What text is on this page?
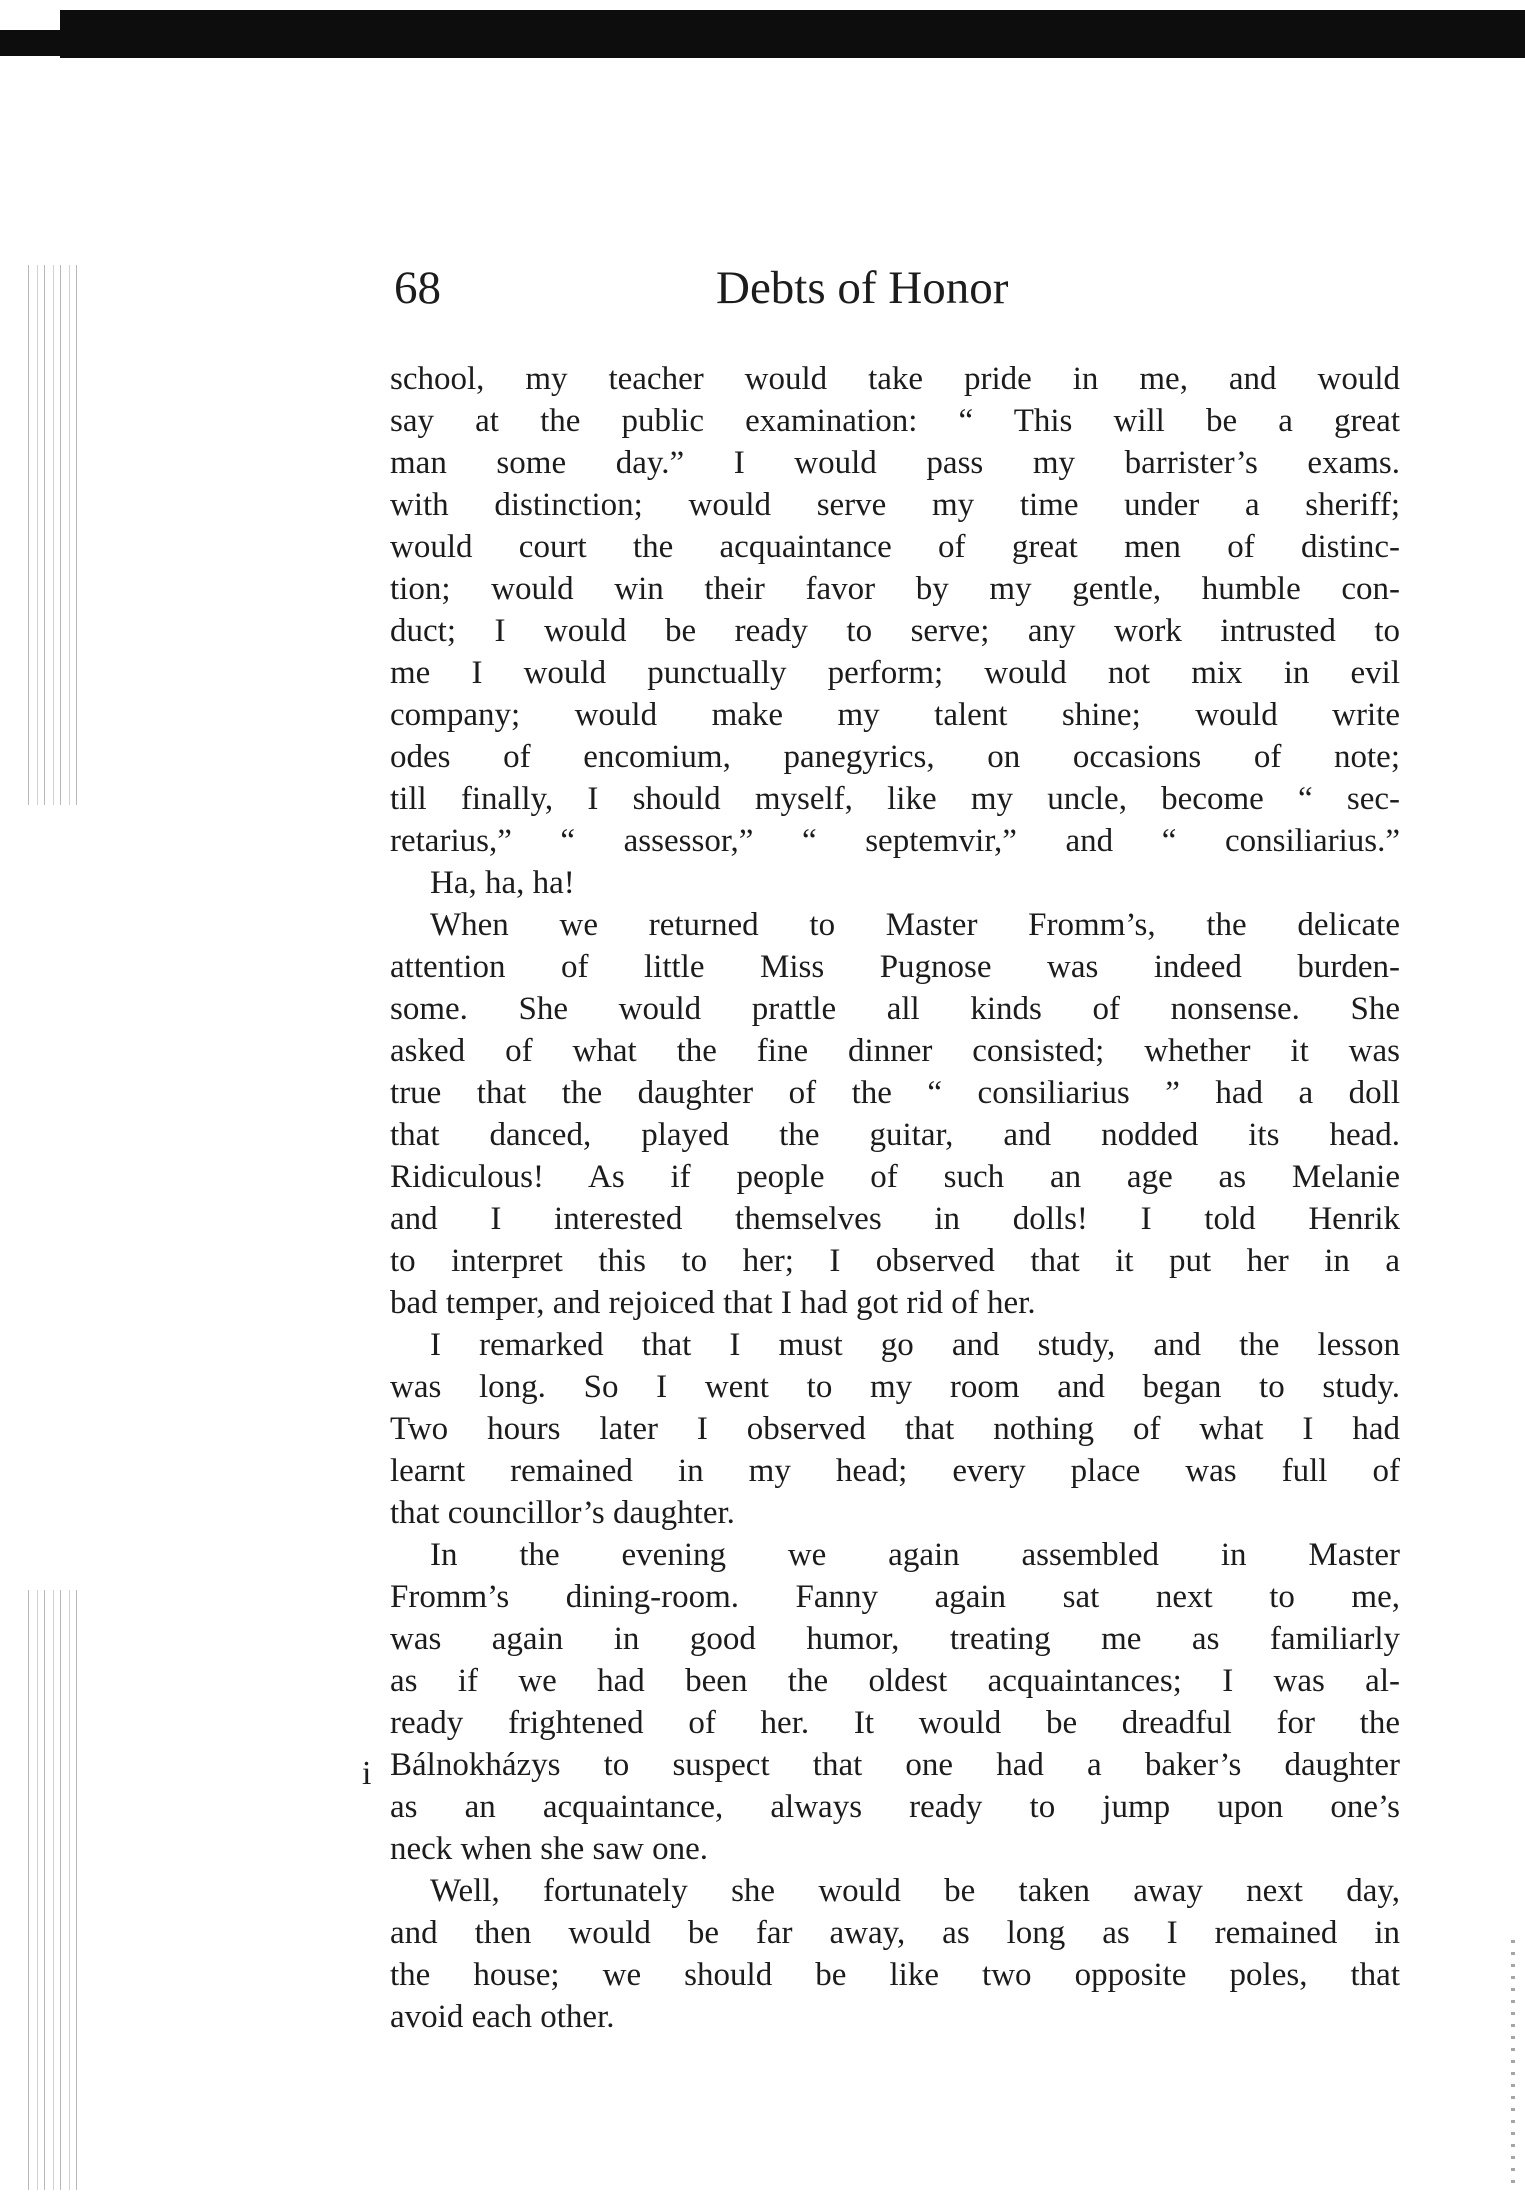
i
68	Debts of Honor
school, my teacher would take pride in me, and would
say at the public examination: “ This will be a great
man some day.” I would pass my barrister’s exams.
with distinction; would serve my time under a sheriff;
would court the acquaintance of great men of distinc-
tion; would win their favor by my gentle, humble con-
duct; I would be ready to serve; any work intrusted to
me I would punctually perform; would not mix in evil
company; would make my talent shine; would write
odes of encomium, panegyrics, on occasions of note;
till finally, I should myself, like my uncle, become “ sec-
retarius,” “ assessor,” “ septemvir,” and “ consiliarius.”
Ha, ha, ha!
When we returned to Master Fromm’s, the delicate
attention of little Miss Pugnose was indeed burden-
some. She would prattle all kinds of nonsense. She
asked of what the fine dinner consisted; whether it was
true that the daughter of the “ consiliarius ” had a doll
that danced, played the guitar, and nodded its head.
Ridiculous! As if people of such an age as Melanie
and I interested themselves in dolls! I told Henrik
to interpret this to her; I observed that it put her in a
bad temper, and rejoiced that I had got rid of her.
I remarked that I must go and study, and the lesson
was long. So I went to my room and began to study.
Two hours later I observed that nothing of what I had
learnt remained in my head; every place was full of
that councillor’s daughter.
In the evening we again assembled in Master
Fromm’s dining-room. Fanny again sat next to me,
was again in good humor, treating me as familiarly
as if we had been the oldest acquaintances; I was al-
ready frightened of her. It would be dreadful for the
Bálnokházys to suspect that one had a baker’s daughter
as an acquaintance, always ready to jump upon one’s
neck when she saw one.
Well, fortunately she would be taken away next day,
and then would be far away, as long as I remained in
the house; we should be like two opposite poles, that
avoid each other.
